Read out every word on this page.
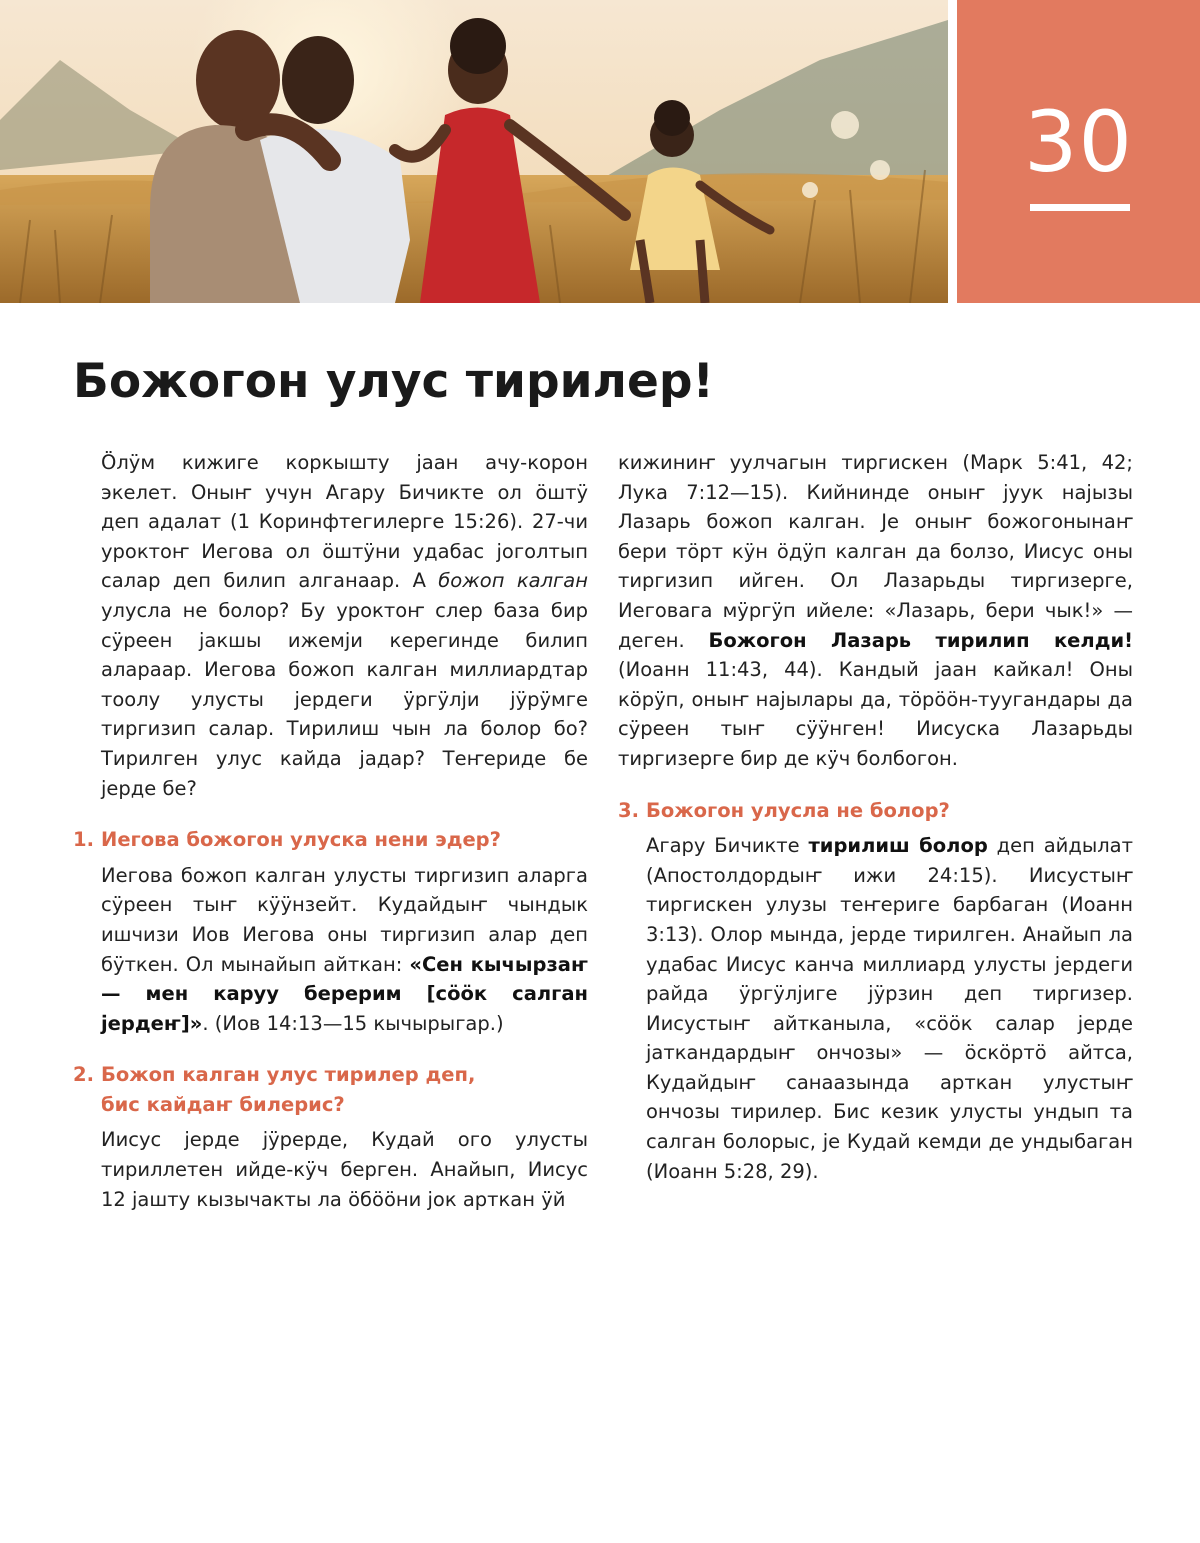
30
Божогон улус тирилер!

Ӧлӱм кижиге коркышту јаан ачу-корон экелет. Оныҥ учун Агару Бичикте ол ӧштӱ деп адалат (1 Коринфтегилерге 15:26). 27-чи уроктоҥ Иегова ол ӧштӱни удабас јоголтып салар деп билип алганаар. А божоп калган улусла не болор? Бу уроктоҥ слер база бир сӱреен јакшы ижемји керегинде билип алараар. Иегова божоп калган миллиардтар тоолу улусты јердеги ӱргӱлји јӱрӱмге тиргизип салар. Тирилиш чын ла болор бо? Тирилген улус кайда јадар? Теҥериде бе јерде бе?

1. Иегова божогон улуска нени эдер?

Иегова божоп калган улусты тиргизип аларга сӱреен тыҥ кӱӱнзейт. Кудайдыҥ чындык ишчизи Иов Иегова оны тиргизип алар деп бӱткен. Ол мынайып айткан: «Сен кычырзаҥ — мен каруу берерим [сӧӧк салган јердеҥ]». (Иов 14:13—15 кычырыгар.)

2. Божоп калган улус тирилер деп,
бис кайдаҥ билерис?

Иисус јерде јӱрерде, Кудай ого улусты тириллетен ийде-кӱч берген. Анайып, Иисус 12 јашту кызычакты ла ӧбӧӧни јок арткан ӱй

кижиниҥ уулчагын тиргискен (Марк 5:41, 42; Лука 7:12—15). Кийнинде оныҥ јуук најызы Лазарь божоп калган. Је оныҥ божогонынаҥ бери тӧрт кӱн ӧдӱп калган да болзо, Иисус оны тиргизип ийген. Ол Лазарьды тиргизерге, Иеговага мӱргӱп ийеле: «Лазарь, бери чык!» — деген. Божогон Лазарь тирилип келди! (Иоанн 11:43, 44). Кандый јаан кайкал! Оны кӧрӱп, оныҥ најылары да, тӧрӧӧн-туугандары да сӱреен тыҥ сӱӱнген! Иисуска Лазарьды тиргизерге бир де кӱч болбогон.

3. Божогон улусла не болор?

Агару Бичикте тирилиш болор деп айдылат (Апостолдордыҥ ижи 24:15). Иисустыҥ тиргискен улузы теҥериге барбаган (Иоанн 3:13). Олор мында, јерде тирилген. Анайып ла удабас Иисус канча миллиард улусты јердеги райда ӱргӱлјиге јӱрзин деп тиргизер. Иисустыҥ айтканыла, «сӧӧк салар јерде јаткандардыҥ ончозы» — ӧскӧртӧ айтса, Кудайдыҥ санаазында арткан улустыҥ ончозы тирилер. Бис кезик улусты ундып та салган болорыс, је Кудай кемди де ундыбаган (Иоанн 5:28, 29).
